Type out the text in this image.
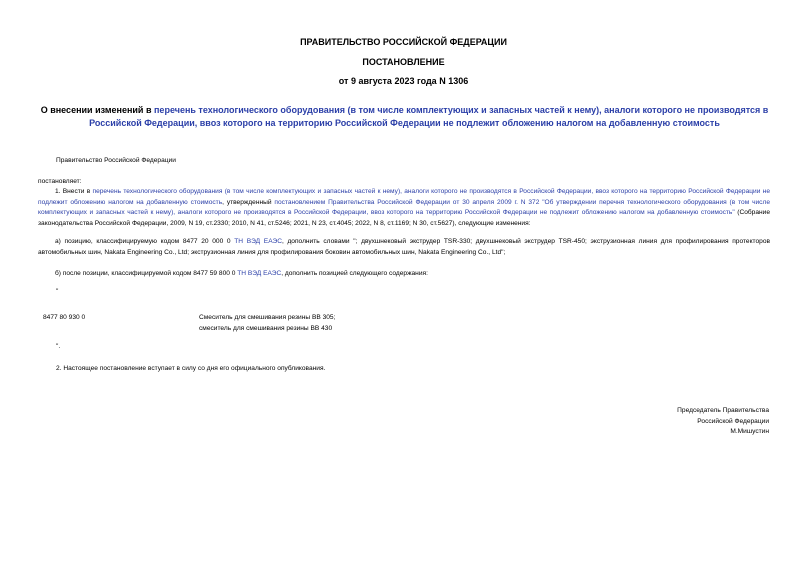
ПРАВИТЕЛЬСТВО РОССИЙСКОЙ ФЕДЕРАЦИИ
ПОСТАНОВЛЕНИЕ
от 9 августа 2023 года N 1306
О внесении изменений в перечень технологического оборудования (в том числе комплектующих и запасных частей к нему), аналоги которого не производятся в Российской Федерации, ввоз которого на территорию Российской Федерации не подлежит обложению налогом на добавленную стоимость
Правительство Российской Федерации
постановляет:
1. Внести в перечень технологического оборудования (в том числе комплектующих и запасных частей к нему), аналоги которого не производятся в Российской Федерации, ввоз которого на территорию Российской Федерации не подлежит обложению налогом на добавленную стоимость, утвержденный постановлением Правительства Российской Федерации от 30 апреля 2009 г. N 372 "Об утверждении перечня технологического оборудования (в том числе комплектующих и запасных частей к нему), аналоги которого не производятся в Российской Федерации, ввоз которого на территорию Российской Федерации не подлежит обложению налогом на добавленную стоимость" (Собрание законодательства Российской Федерации, 2009, N 19, ст.2330; 2010, N 41, ст.5246; 2021, N 23, ст.4045; 2022, N 8, ст.1169; N 30, ст.5627), следующие изменения:
а) позицию, классифицируемую кодом 8477 20 000 0 ТН ВЭД ЕАЭС, дополнить словами "; двухшнековый экструдер TSR-330; двухшнековый экструдер TSR-450; экструзионная линия для профилирования протекторов автомобильных шин, Nakata Engineering Co., Ltd; экструзионная линия для профилирования боковин автомобильных шин, Nakata Engineering Co., Ltd";
б) после позиции, классифицируемой кодом 8477 59 800 0 ТН ВЭД ЕАЭС, дополнить позицией следующего содержания:
"
8477 80 930 0	Смеситель для смешивания резины BB 305;
смеситель для смешивания резины BB 430
".
2. Настоящее постановление вступает в силу со дня его официального опубликования.
Председатель Правительства
Российской Федерации
М.Мишустин
